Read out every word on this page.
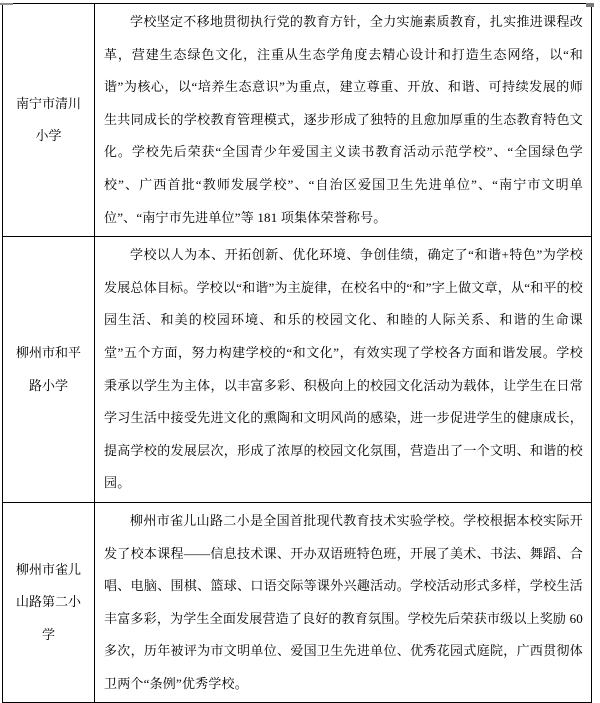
南宁市清川小学	学校坚定不移地贯彻执行党的教育方针，全力实施素质教育，扎实推进课程改革，营建生态绿色文化，注重从生态学角度去精心设计和打造生态网络，以“和谐”为核心，以“培养生态意识”为重点，建立尊重、开放、和谐、可持续发展的师生共同成长的学校教育管理模式，逐步形成了独特的且愈加厚重的生态教育特色文化。学校先后荣获“全国青少年爱国主义读书教育活动示范学校”、“全国绿色学校”、广西首批“教师发展学校”、“自治区爱国卫生先进单位”、“南宁市文明单位”、“南宁市先进单位”等 181 项集体荣誉称号。

柳州市和平路小学	学校以人为本、开拓创新、优化环境、争创佳绩，确定了“和谐+特色”为学校发展总体目标。学校以“和谐”为主旋律，在校名中的“和”字上做文章，从“和平的校园生活、和美的校园环境、和乐的校园文化、和睦的人际关系、和谐的生命课堂”五个方面，努力构建学校的“和文化”，有效实现了学校各方面和谐发展。学校秉承以学生为主体，以丰富多彩、积极向上的校园文化活动为载体，让学生在日常学习生活中接受先进文化的熏陶和文明风尚的感染，进一步促进学生的健康成长，提高学校的发展层次，形成了浓厚的校园文化氛围，营造出了一个文明、和谐的校园。

柳州市雀儿山路第二小学	柳州市雀儿山路二小是全国首批现代教育技术实验学校。学校根据本校实际开发了校本课程——信息技术课、开办双语班特色班，开展了美术、书法、舞蹈、合唱、电脑、围棋、篮球、口语交际等课外兴趣活动。学校活动形式多样，学校生活丰富多彩，为学生全面发展营造了良好的教育氛围。学校先后荣获市级以上奖励 60 多次，历年被评为市文明单位、爱国卫生先进单位、优秀花园式庭院，广西贯彻体卫两个“条例”优秀学校。
